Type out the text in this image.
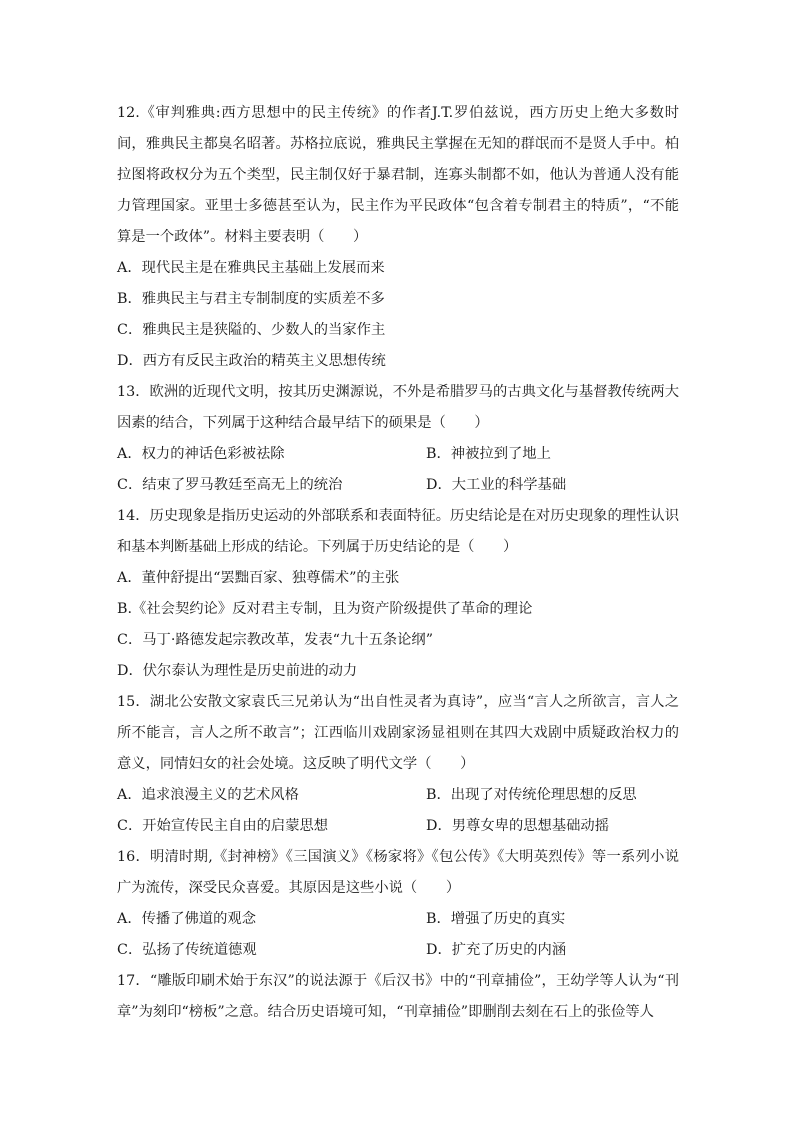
12.《审判雅典:西方思想中的民主传统》的作者J.T.罗伯兹说，西方历史上绝大多数时间，雅典民主都臭名昭著。苏格拉底说，雅典民主掌握在无知的群氓而不是贤人手中。柏拉图将政权分为五个类型，民主制仅好于暴君制，连寡头制都不如，他认为普通人没有能力管理国家。亚里士多德甚至认为，民主作为平民政体“包含着专制君主的特质”，“不能算是一个政体”。材料主要表明（　　）

A．现代民主是在雅典民主基础上发展而来

B．雅典民主与君主专制制度的实质差不多

C．雅典民主是狭隘的、少数人的当家作主

D．西方有反民主政治的精英主义思想传统

13．欧洲的近现代文明，按其历史渊源说，不外是希腊罗马的古典文化与基督教传统两大因素的结合，下列属于这种结合最早结下的硕果是（　　）

A．权力的神话色彩被祛除	B．神被拉到了地上
C．结束了罗马教廷至高无上的统治	D．大工业的科学基础

14．历史现象是指历史运动的外部联系和表面特征。历史结论是在对历史现象的理性认识和基本判断基础上形成的结论。下列属于历史结论的是（　　）

A．董仲舒提出“罢黜百家、独尊儒术”的主张

B.《社会契约论》反对君主专制，且为资产阶级提供了革命的理论

C．马丁·路德发起宗教改革，发表“九十五条论纲”

D．伏尔泰认为理性是历史前进的动力

15．湖北公安散文家袁氏三兄弟认为“出自性灵者为真诗”，应当“言人之所欲言，言人之所不能言，言人之所不敢言”；江西临川戏剧家汤显祖则在其四大戏剧中质疑政治权力的意义，同情妇女的社会处境。这反映了明代文学（　　）

A．追求浪漫主义的艺术风格	B．出现了对传统伦理思想的反思
C．开始宣传民主自由的启蒙思想	D．男尊女卑的思想基础动摇

16．明清时期,《封神榜》《三国演义》《杨家将》《包公传》《大明英烈传》等一系列小说广为流传，深受民众喜爱。其原因是这些小说（　　）

A．传播了佛道的观念	B．增强了历史的真实
C．弘扬了传统道德观	D．扩充了历史的内涵

17．“雕版印刷术始于东汉”的说法源于《后汉书》中的“刊章捕俭”，王幼学等人认为“刊章”为刻印“榜板”之意。结合历史语境可知，“刊章捕俭”即删削去刻在石上的张俭等人
